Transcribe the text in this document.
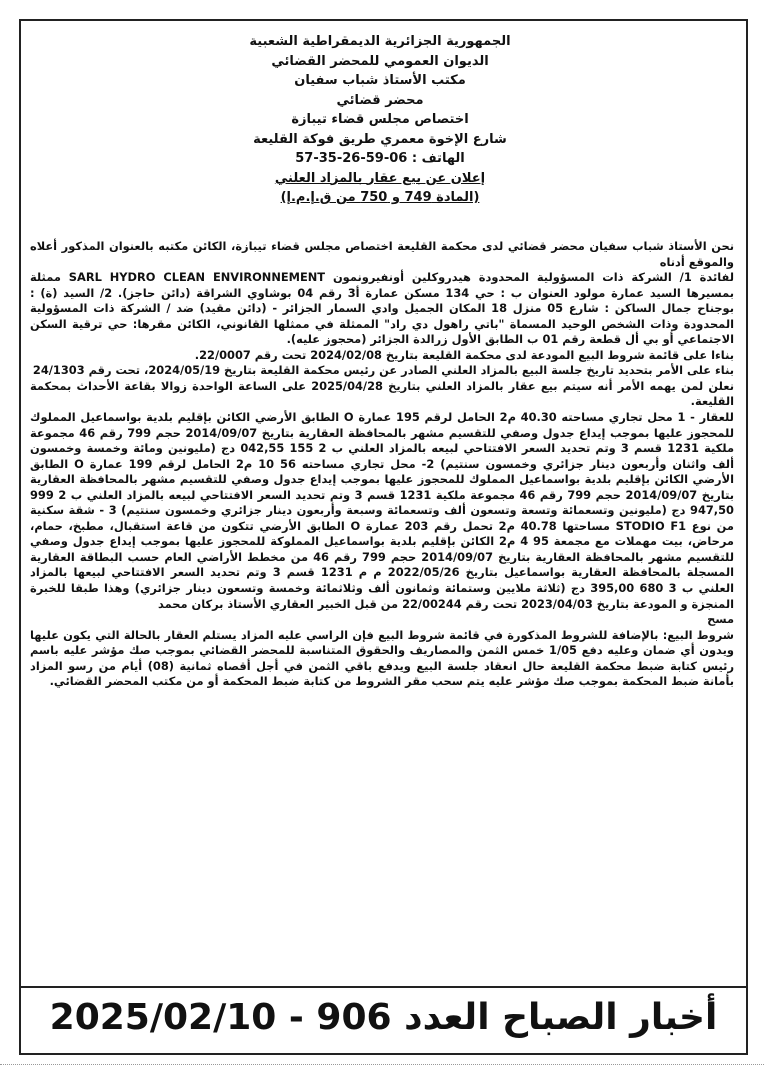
الجمهورية الجزائرية الديمقراطية الشعبية
الديوان العمومي للمحضر القضائي
مكتب الأستاذ شباب سفيان
محضر قضائي
اختصاص مجلس قضاء تيبازة
شارع الإخوة معمري طريق فوكة القليعة
الهاتف : 06-59-26-35-57
إعلان عن بيع عقار بالمزاد العلني
(المادة 749 و 750 من ق.إ.م.إ)

نحن الأستاذ شباب سفيان محضر قضائي لدى محكمة القليعة اختصاص مجلس قضاء تيبازة، الكائن مكتبه بالعنوان المذكور أعلاه والموقع أدناه

لفائدة 1/ الشركة ذات المسؤولية المحدودة هيدروكلين أونفيرونمون SARL HYDRO CLEAN ENVIRONNEMENT ممثلة بمسيرها السيد عمارة مولود العنوان ب : حي 134 مسكن عمارة أ3 رقم 04 بوشاوي الشراقة (دائن حاجز). 2/ السيد (ة) : بوجناح جمال الساكن : شارع 05 منزل 18 المكان الجميل وادي السمار الجزائر - (دائن مقيد) ضد / الشركة ذات المسؤولية المحدودة وذات الشخص الوحيد المسماة "باتي راهول دي راد" الممثلة في ممثلها القانوني، الكائن مقرها: حي ترقية السكن الاجتماعي أو بي أل قطعة رقم 01 ب الطابق الأول زرالدة الجزائر (محجوز عليه).

بناءا على قائمة شروط البيع المودعة لدى محكمة القليعة بتاريخ 2024/02/08 تحت رقم 22/0007.

بناء على الأمر بتحديد تاريخ جلسة البيع بالمزاد العلني الصادر عن رئيس محكمة القليعة بتاريخ 2024/05/19، تحت رقم 24/1303

نعلن لمن يهمه الأمر أنه سيتم بيع عقار بالمزاد العلني بتاريخ 2025/04/28 على الساعة الواحدة زوالا بقاعة الأحداث بمحكمة القليعة.

للعقار - 1 محل تجاري مساحته 40.30 م2 الحامل لرقم 195 عمارة O الطابق الأرضي الكائن بإقليم بلدية بواسماعيل المملوك للمحجوز عليها بموجب إيداع جدول وصفي للتقسيم مشهر بالمحافظة العقارية بتاريخ 2014/09/07 حجم 799 رقم 46 مجموعة ملكية 1231 قسم 3 وتم تحديد السعر الافتتاحي لبيعه بالمزاد العلني ب 2 155 042,55 دج (مليونين ومائة وخمسة وخمسون ألف واثنان وأربعون دينار جزائري وخمسون سنتيم) 2- محل تجاري مساحته 56 10 م2 الحامل لرقم 199 عمارة O الطابق الأرضي الكائن بإقليم بلدية بواسماعيل المملوك للمحجوز عليها بموجب إيداع جدول وصفي للتقسيم مشهر بالمحافظة العقارية بتاريخ 2014/09/07 حجم 799 رقم 46 مجموعة ملكية 1231 قسم 3 وتم تحديد السعر الافتتاحي لبيعه بالمزاد العلني ب 2 999 947,50 دج (مليونين وتسعمائة وتسعة وتسعون ألف وتسعمائة وسبعة وأربعون دينار جزائري وخمسون سنتيم) 3 - شقة سكنية من نوع STODIO F1 مساحتها 40.78 م2 تحمل رقم 203 عمارة O الطابق الأرضي تتكون من قاعة استقبال، مطبخ، حمام، مرحاض، بيت مهملات مع مجمعة 95 4 م2 الكائن بإقليم بلدية بواسماعيل المملوكة للمحجوز عليها بموجب إيداع جدول وصفي للتقسيم مشهر بالمحافظة العقارية بتاريخ 2014/09/07 حجم 799 رقم 46 من مخطط الأراضي العام حسب البطاقة العقارية المسجلة بالمحافظة العقارية بواسماعيل بتاريخ 2022/05/26 م م 1231 قسم 3 وتم تحديد السعر الافتتاحي لبيعها بالمزاد العلني ب 3 680 395,00 دج (ثلاثة ملايين وستمائة وثمانون ألف وثلاثمائة وخمسة وتسعون دينار جزائري) وهذا طبقا للخبرة المنجزة و المودعة بتاريخ 2023/04/03 تحت رقم 22/00244 من قبل الخبير العقاري الأستاذ بركان محمد

مسح

شروط البيع: بالإضافة للشروط المذكورة في قائمة شروط البيع فإن الراسي عليه المزاد يستلم العقار بالحالة التي يكون عليها ويدون أي ضمان وعليه دفع 1/05 خمس الثمن والمصاريف والحقوق المتناسبة للمحضر القضائي بموجب صك مؤشر عليه باسم رئيس كتابة ضبط محكمة القليعة حال انعقاد جلسة البيع ويدفع باقي الثمن في أجل أقصاه ثمانية (08) أيام من رسو المزاد بأمانة ضبط المحكمة بموجب صك مؤشر عليه يتم سحب مقر الشروط من كتابة ضبط المحكمة أو من مكتب المحضر القضائي.

2025/02/10 - 906 أخبار الصباح العدد
